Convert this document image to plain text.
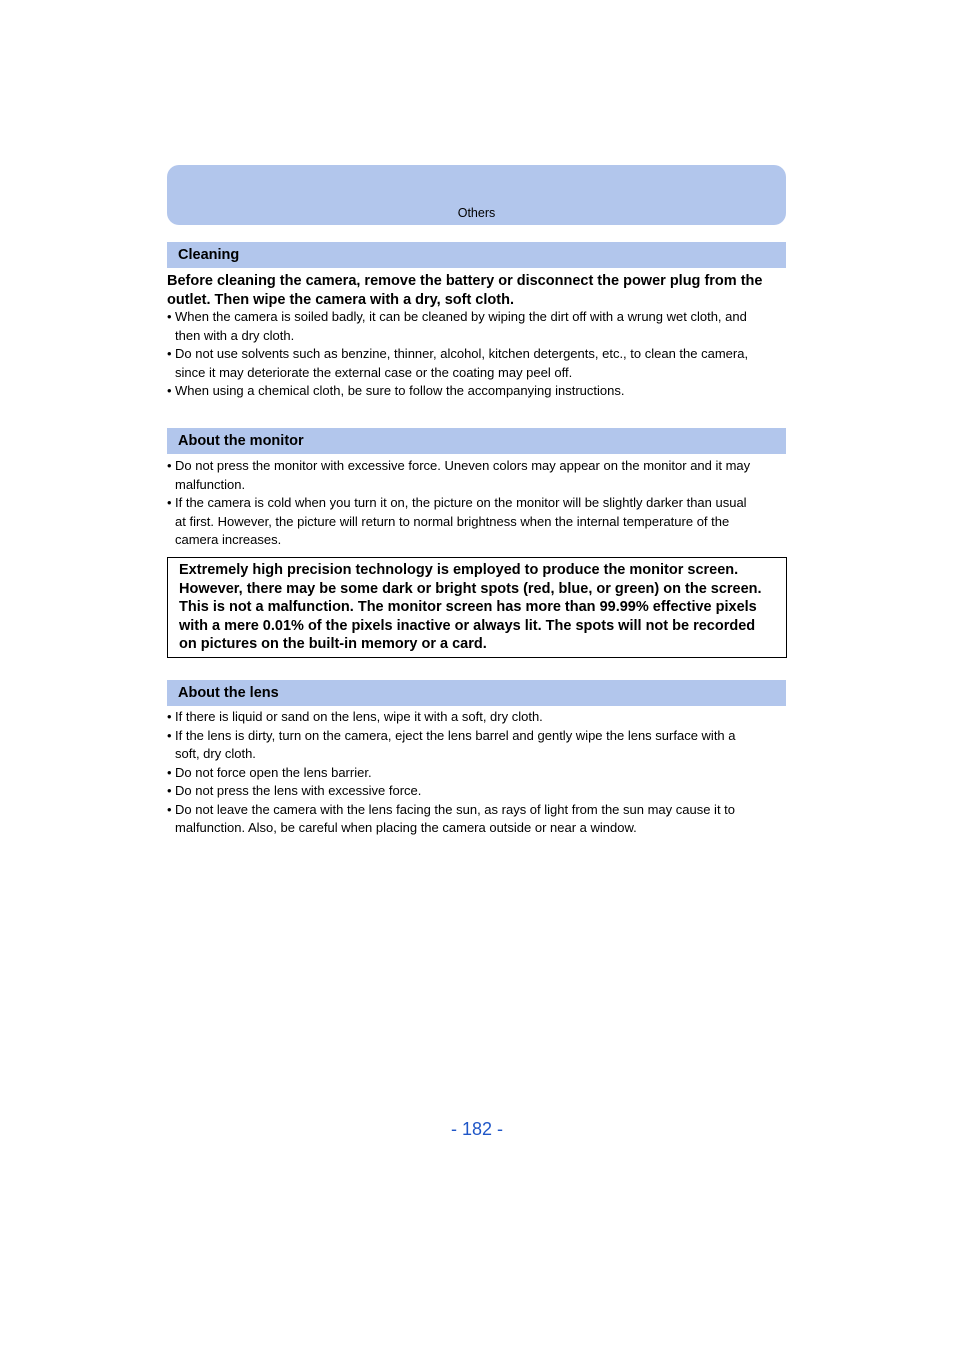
Others
Cleaning
Before cleaning the camera, remove the battery or disconnect the power plug from the
outlet. Then wipe the camera with a dry, soft cloth.
• When the camera is soiled badly, it can be cleaned by wiping the dirt off with a wrung wet cloth, and
then with a dry cloth.
• Do not use solvents such as benzine, thinner, alcohol, kitchen detergents, etc., to clean the camera,
since it may deteriorate the external case or the coating may peel off.
• When using a chemical cloth, be sure to follow the accompanying instructions.
About the monitor
• Do not press the monitor with excessive force. Uneven colors may appear on the monitor and it may
malfunction.
• If the camera is cold when you turn it on, the picture on the monitor will be slightly darker than usual
at first. However, the picture will return to normal brightness when the internal temperature of the
camera increases.
Extremely high precision technology is employed to produce the monitor screen.
However, there may be some dark or bright spots (red, blue, or green) on the screen.
This is not a malfunction. The monitor screen has more than 99.99% effective pixels
with a mere 0.01% of the pixels inactive or always lit. The spots will not be recorded
on pictures on the built-in memory or a card.
About the lens
• If there is liquid or sand on the lens, wipe it with a soft, dry cloth.
• If the lens is dirty, turn on the camera, eject the lens barrel and gently wipe the lens surface with a
soft, dry cloth.
• Do not force open the lens barrier.
• Do not press the lens with excessive force.
• Do not leave the camera with the lens facing the sun, as rays of light from the sun may cause it to
malfunction. Also, be careful when placing the camera outside or near a window.
- 182 -
